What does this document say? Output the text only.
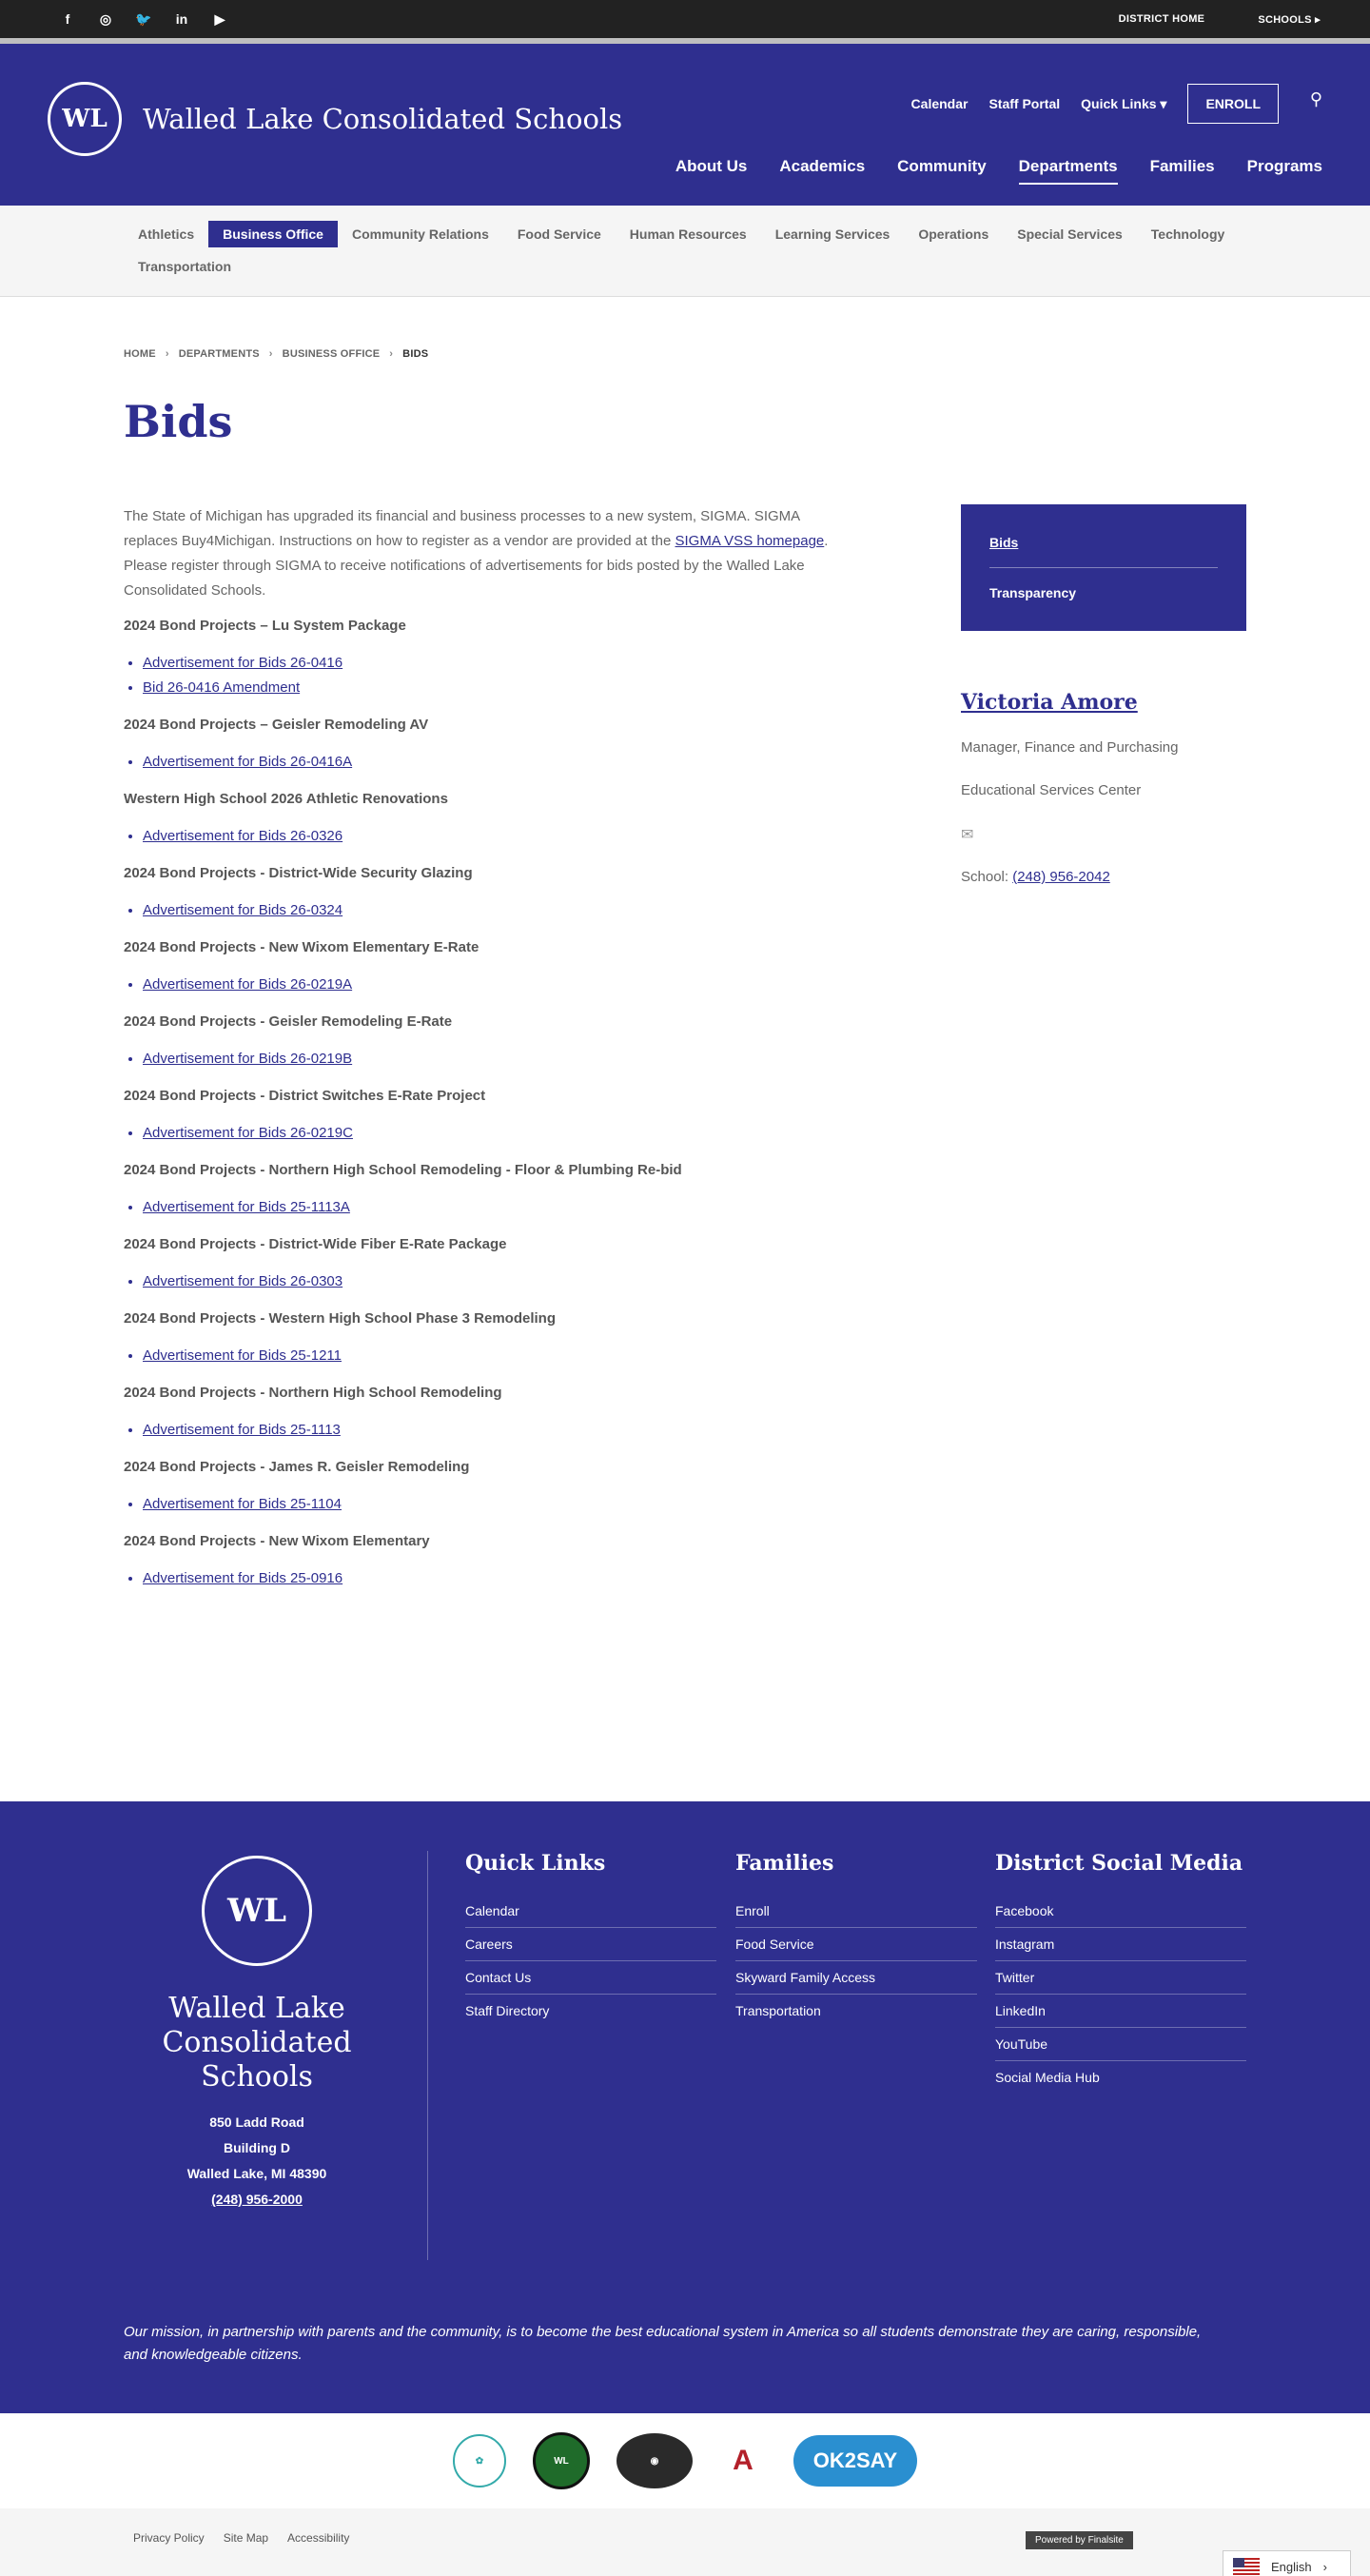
f	◎	🐦	in	▶	DISTRICT HOME	SCHOOLS ▸
WL	Walled Lake Consolidated Schools	Calendar Staff Portal Quick Links ▾	ENROLL	⚲
About Us Academics Community Departments Families Programs
Athletics	Business Office	Community Relations	Food Service	Human Resources	Learning Services	Operations	Special Services	Technology
Transportation
HOME › DEPARTMENTS › BUSINESS OFFICE › BIDS
Bids

The State of Michigan has upgraded its financial and business processes to a new system, SIGMA. SIGMA replaces Buy4Michigan. Instructions on how to register as a vendor are provided at the SIGMA VSS homepage. Please register through SIGMA to receive notifications of advertisements for bids posted by the Walled Lake Consolidated Schools.

2024 Bond Projects – Lu System Package
• Advertisement for Bids 26-0416
• Bid 26-0416 Amendment
2024 Bond Projects – Geisler Remodeling AV
• Advertisement for Bids 26-0416A
Western High School 2026 Athletic Renovations
• Advertisement for Bids 26-0326
2024 Bond Projects - District-Wide Security Glazing
• Advertisement for Bids 26-0324
2024 Bond Projects - New Wixom Elementary E-Rate
• Advertisement for Bids 26-0219A
2024 Bond Projects - Geisler Remodeling E-Rate
• Advertisement for Bids 26-0219B
2024 Bond Projects - District Switches E-Rate Project
• Advertisement for Bids 26-0219C
2024 Bond Projects - Northern High School Remodeling - Floor & Plumbing Re-bid
• Advertisement for Bids 25-1113A
2024 Bond Projects - District-Wide Fiber E-Rate Package
• Advertisement for Bids 26-0303
2024 Bond Projects - Western High School Phase 3 Remodeling
• Advertisement for Bids 25-1211
2024 Bond Projects - Northern High School Remodeling
• Advertisement for Bids 25-1113
2024 Bond Projects - James R. Geisler Remodeling
• Advertisement for Bids 25-1104
2024 Bond Projects - New Wixom Elementary
• Advertisement for Bids 25-0916
Bids
Transparency
Victoria Amore

Manager, Finance and Purchasing

Educational Services Center

✉

School: (248) 956-2042

WL
Walled Lake Consolidated Schools
850 Ladd Road
Building D
Walled Lake, MI 48390
(248) 956-2000
Quick Links
Calendar
Careers
Contact Us
Staff Directory
Families
Enroll
Food Service
Skyward Family Access
Transportation
District Social Media
Facebook
Instagram
Twitter
LinkedIn
YouTube
Social Media Hub

Our mission, in partnership with parents and the community, is to become the best educational system in America so all students demonstrate they are caring, responsible, and knowledgeable citizens.

✿	WL	◉	A	OK2SAY
Privacy Policy Site Map Accessibility	Powered by Finalsite
English ›
